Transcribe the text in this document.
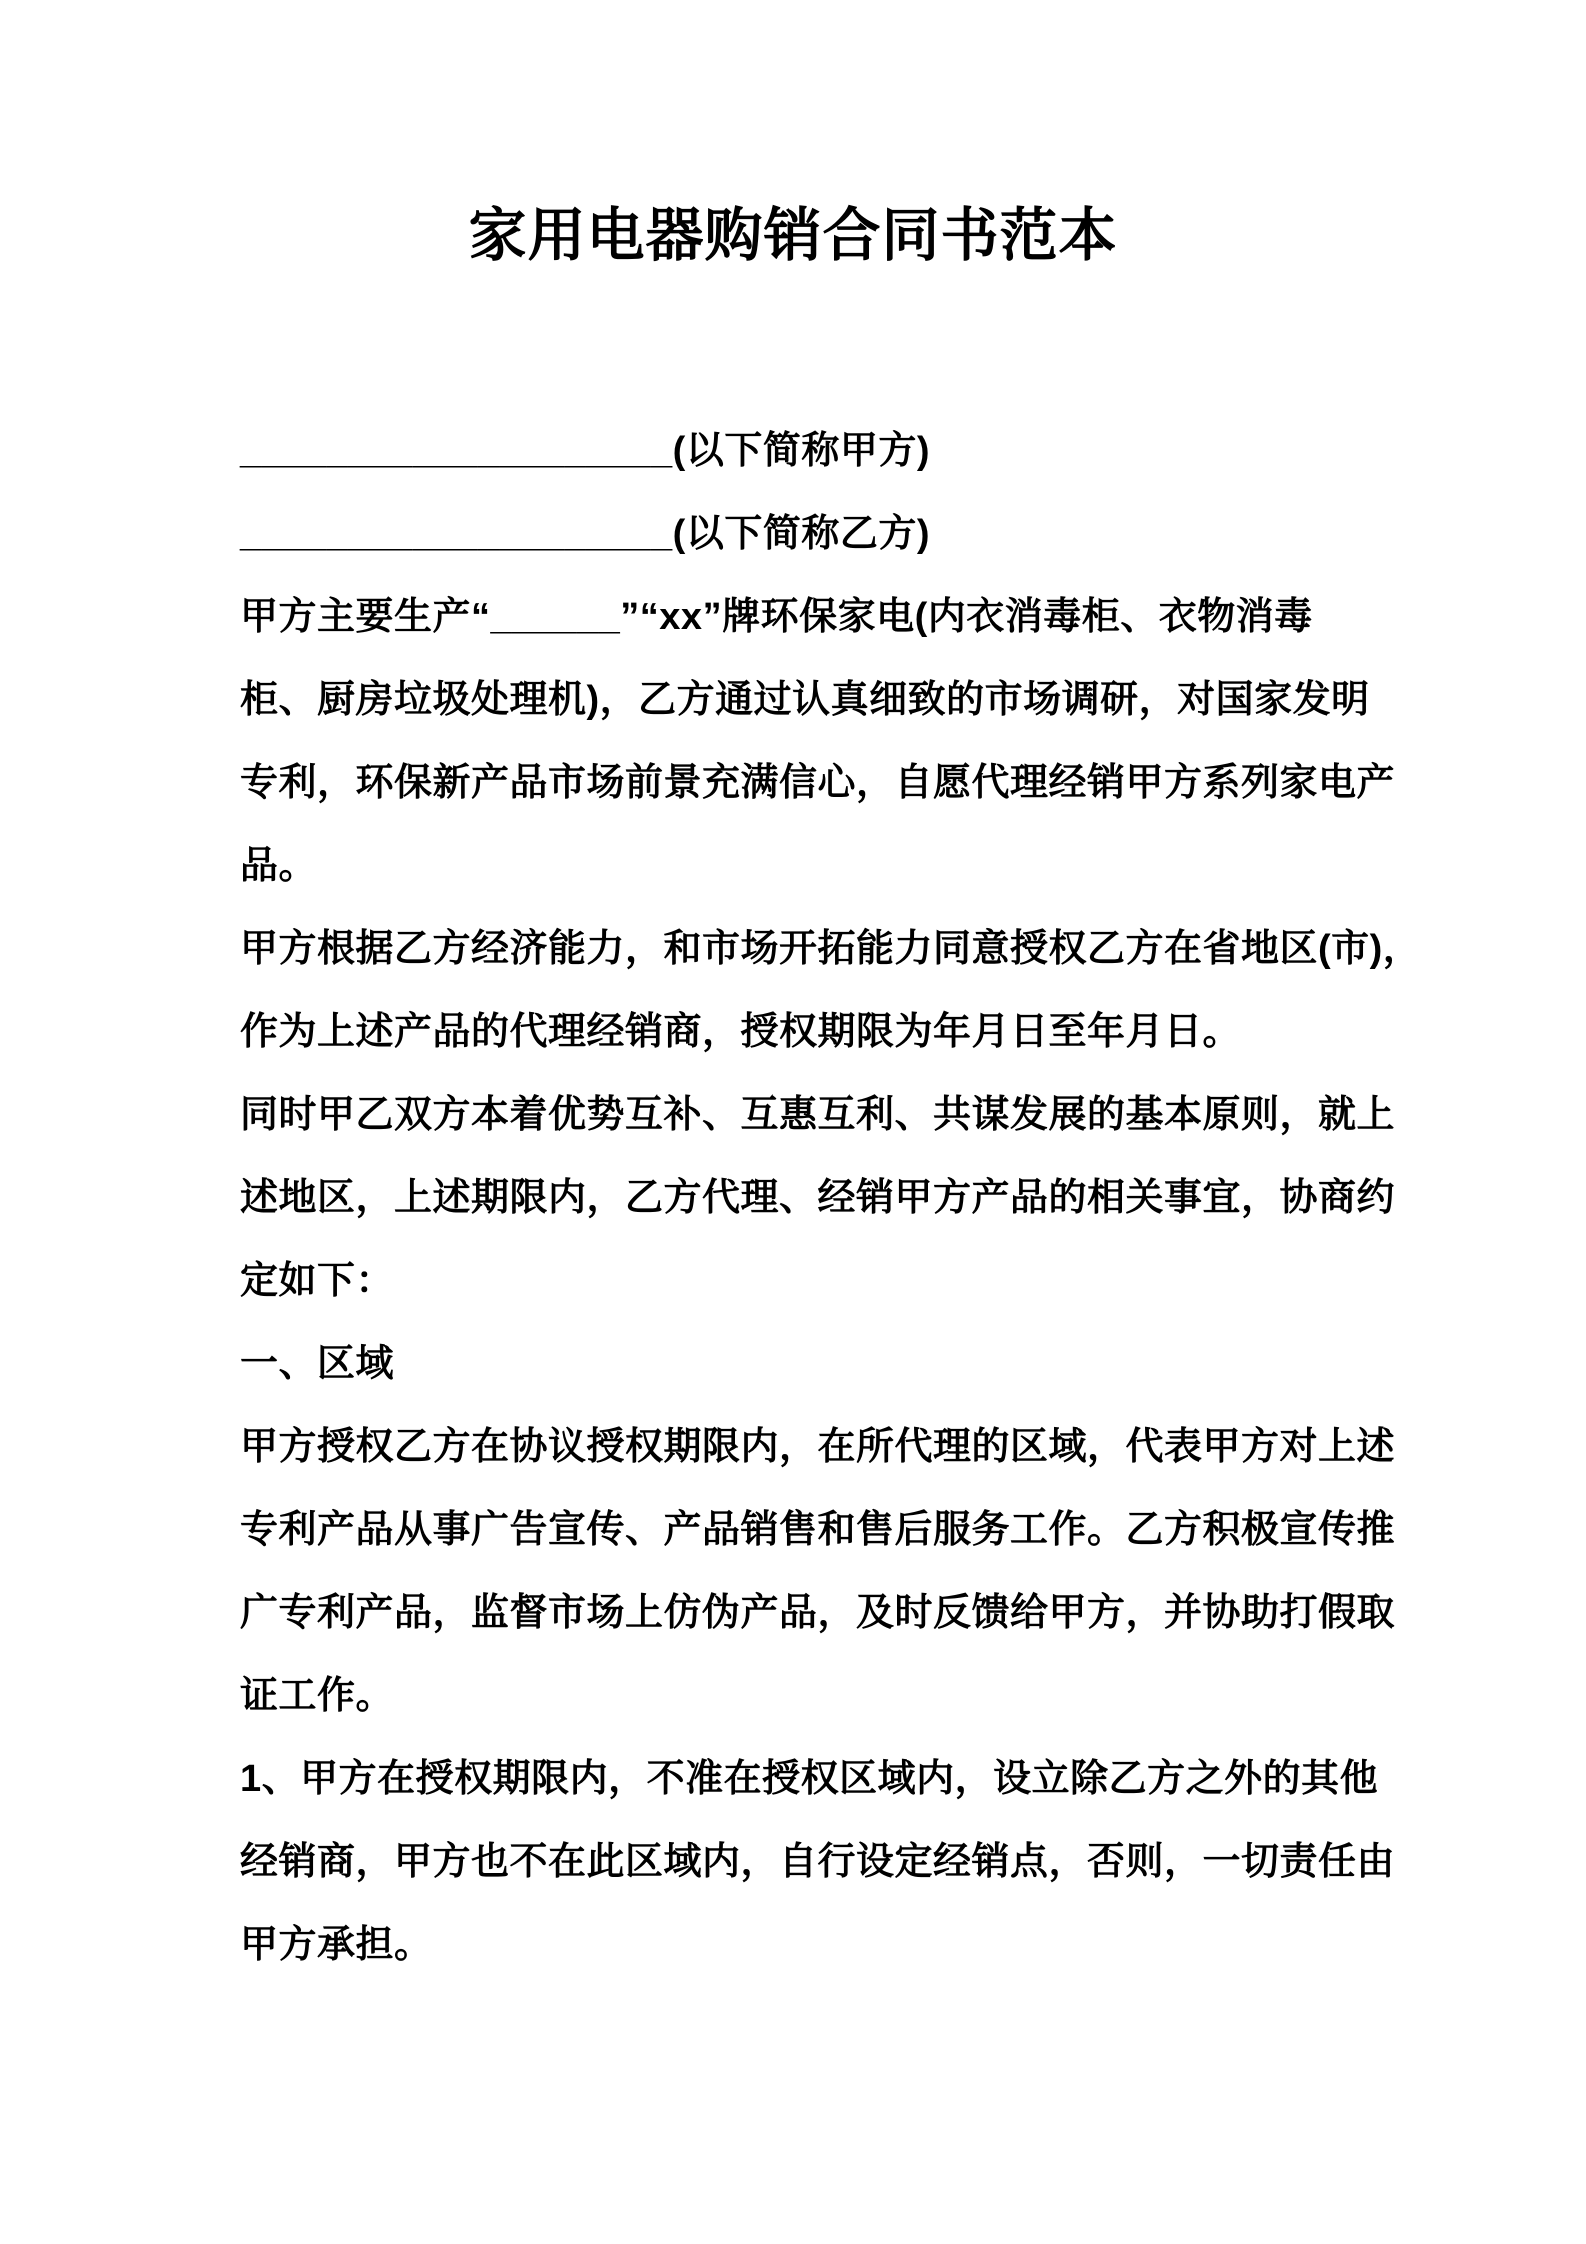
家用电器购销合同书范本
____________________(以下简称甲方)
____________________(以下简称乙方)
甲方主要生产“______”“xx”牌环保家电(内衣消毒柜、衣物消毒
柜、厨房垃圾处理机)，乙方通过认真细致的市场调研，对国家发明
专利，环保新产品市场前景充满信心，自愿代理经销甲方系列家电产
品。
甲方根据乙方经济能力，和市场开拓能力同意授权乙方在省地区(市)，
作为上述产品的代理经销商，授权期限为年月日至年月日。
同时甲乙双方本着优势互补、互惠互利、共谋发展的基本原则，就上
述地区，上述期限内，乙方代理、经销甲方产品的相关事宜，协商约
定如下：
一、区域
甲方授权乙方在协议授权期限内，在所代理的区域，代表甲方对上述
专利产品从事广告宣传、产品销售和售后服务工作。乙方积极宣传推
广专利产品，监督市场上仿伪产品，及时反馈给甲方，并协助打假取
证工作。
1、甲方在授权期限内，不准在授权区域内，设立除乙方之外的其他
经销商，甲方也不在此区域内，自行设定经销点，否则，一切责任由
甲方承担。
